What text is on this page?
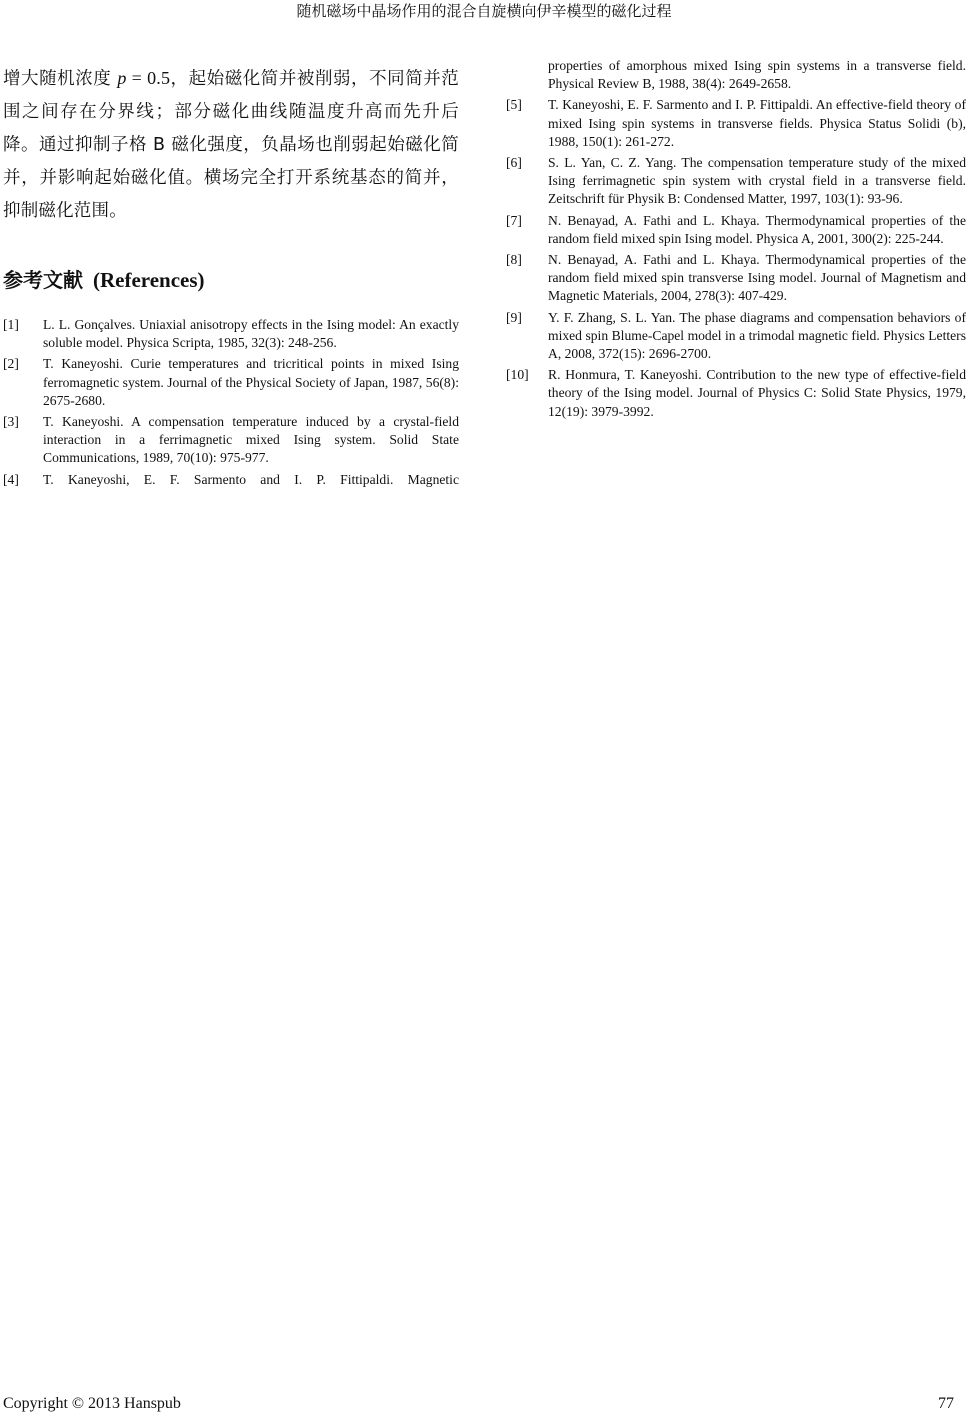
随机磁场中晶场作用的混合自旋横向伊辛模型的磁化过程

增大随机浓度 p = 0.5，起始磁化简并被削弱，不同简并范围之间存在分界线；部分磁化曲线随温度升高而先升后降。通过抑制子格 B 磁化强度，负晶场也削弱起始磁化简并，并影响起始磁化值。横场完全打开系统基态的简并，抑制磁化范围。

参考文献 (References)
[1]	L. L. Gonçalves. Uniaxial anisotropy effects in the Ising model: An exactly soluble model. Physica Scripta, 1985, 32(3): 248-256.
[2]	T. Kaneyoshi. Curie temperatures and tricritical points in mixed Ising ferromagnetic system. Journal of the Physical Society of Japan, 1987, 56(8): 2675-2680.
[3]	T. Kaneyoshi. A compensation temperature induced by a crystal-field interaction in a ferrimagnetic mixed Ising system. Solid State Communications, 1989, 70(10): 975-977.
[4]	T. Kaneyoshi, E. F. Sarmento and I. P. Fittipaldi. Magnetic
properties of amorphous mixed Ising spin systems in a transverse field. Physical Review B, 1988, 38(4): 2649-2658.
[5]	T. Kaneyoshi, E. F. Sarmento and I. P. Fittipaldi. An effective-field theory of mixed Ising spin systems in transverse fields. Physica Status Solidi (b), 1988, 150(1): 261-272.
[6]	S. L. Yan, C. Z. Yang. The compensation temperature study of the mixed Ising ferrimagnetic spin system with crystal field in a transverse field. Zeitschrift für Physik B: Condensed Matter, 1997, 103(1): 93-96.
[7]	N. Benayad, A. Fathi and L. Khaya. Thermodynamical properties of the random field mixed spin Ising model. Physica A, 2001, 300(2): 225-244.
[8]	N. Benayad, A. Fathi and L. Khaya. Thermodynamical properties of the random field mixed spin transverse Ising model. Journal of Magnetism and Magnetic Materials, 2004, 278(3): 407-429.
[9]	Y. F. Zhang, S. L. Yan. The phase diagrams and compensation behaviors of mixed spin Blume-Capel model in a trimodal magnetic field. Physics Letters A, 2008, 372(15): 2696-2700.
[10]	R. Honmura, T. Kaneyoshi. Contribution to the new type of effective-field theory of the Ising model. Journal of Physics C: Solid State Physics, 1979, 12(19): 3979-3992.
Copyright © 2013 Hanspub	77
